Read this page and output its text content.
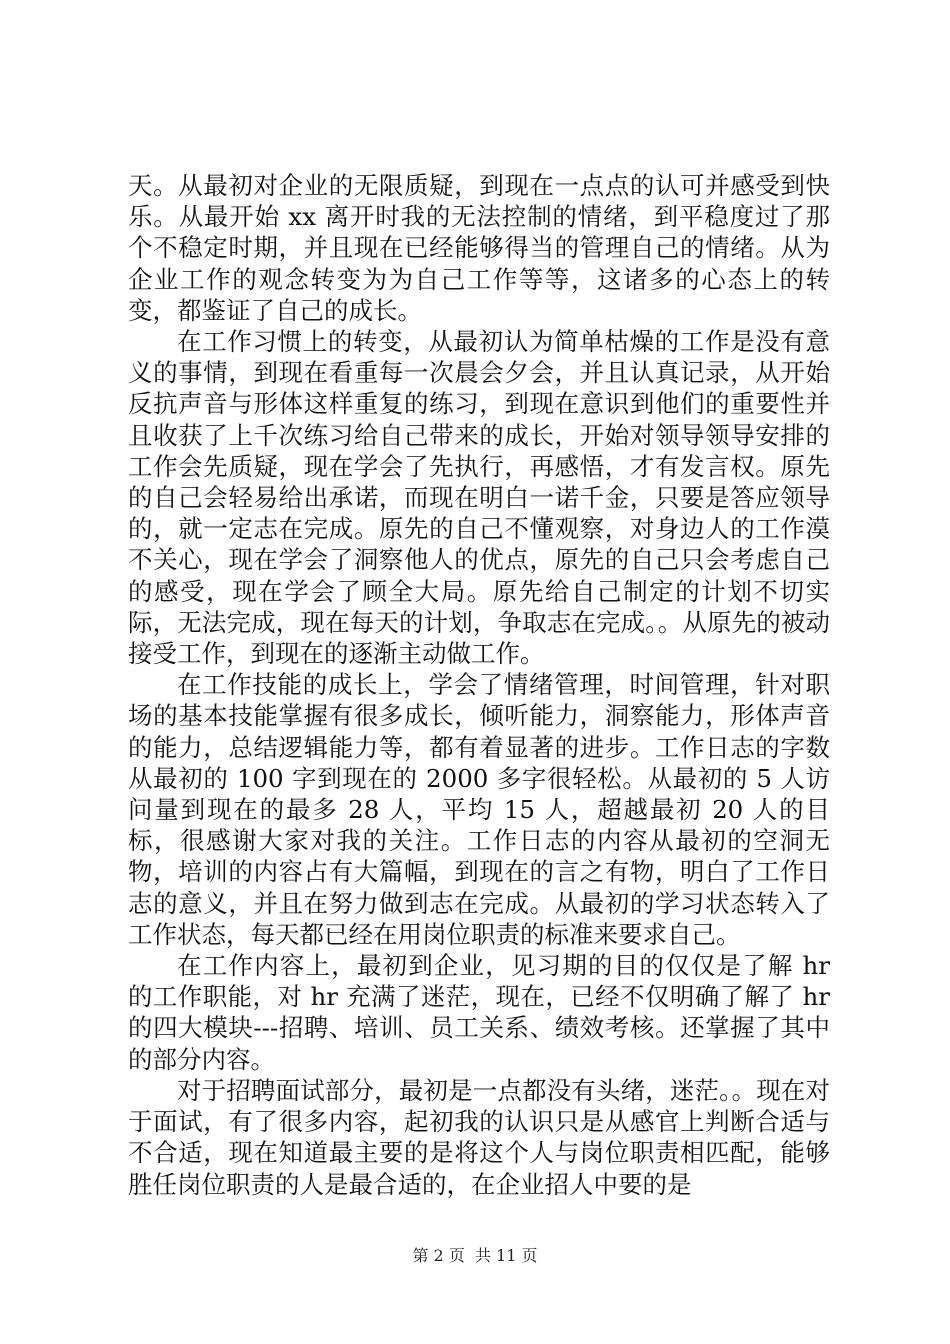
天。从最初对企业的无限质疑，到现在一点点的认可并感受到快乐。从最开始 xx 离开时我的无法控制的情绪，到平稳度过了那个不稳定时期，并且现在已经能够得当的管理自己的情绪。从为企业工作的观念转变为为自己工作等等，这诸多的心态上的转变，都鉴证了自己的成长。

在工作习惯上的转变，从最初认为简单枯燥的工作是没有意义的事情，到现在看重每一次晨会夕会，并且认真记录，从开始反抗声音与形体这样重复的练习，到现在意识到他们的重要性并且收获了上千次练习给自己带来的成长，开始对领导领导安排的工作会先质疑，现在学会了先执行，再感悟，才有发言权。原先的自己会轻易给出承诺，而现在明白一诺千金，只要是答应领导的，就一定志在完成。原先的自己不懂观察，对身边人的工作漠不关心，现在学会了洞察他人的优点，原先的自己只会考虑自己的感受，现在学会了顾全大局。原先给自己制定的计划不切实际，无法完成，现在每天的计划，争取志在完成。。从原先的被动接受工作，到现在的逐渐主动做工作。

在工作技能的成长上，学会了情绪管理，时间管理，针对职场的基本技能掌握有很多成长，倾听能力，洞察能力，形体声音的能力，总结逻辑能力等，都有着显著的进步。工作日志的字数从最初的 100 字到现在的 2000 多字很轻松。从最初的 5 人访问量到现在的最多 28 人，平均 15 人，超越最初 20 人的目标，很感谢大家对我的关注。工作日志的内容从最初的空洞无物，培训的内容占有大篇幅，到现在的言之有物，明白了工作日志的意义，并且在努力做到志在完成。从最初的学习状态转入了工作状态，每天都已经在用岗位职责的标准来要求自己。

在工作内容上，最初到企业，见习期的目的仅仅是了解 hr 的工作职能，对 hr 充满了迷茫，现在，已经不仅明确了解了 hr 的四大模块---招聘、培训、员工关系、绩效考核。还掌握了其中的部分内容。

对于招聘面试部分，最初是一点都没有头绪，迷茫。。现在对于面试，有了很多内容，起初我的认识只是从感官上判断合适与不合适，现在知道最主要的是将这个人与岗位职责相匹配，能够胜任岗位职责的人是最合适的，在企业招人中要的是

第 2 页  共 11 页
